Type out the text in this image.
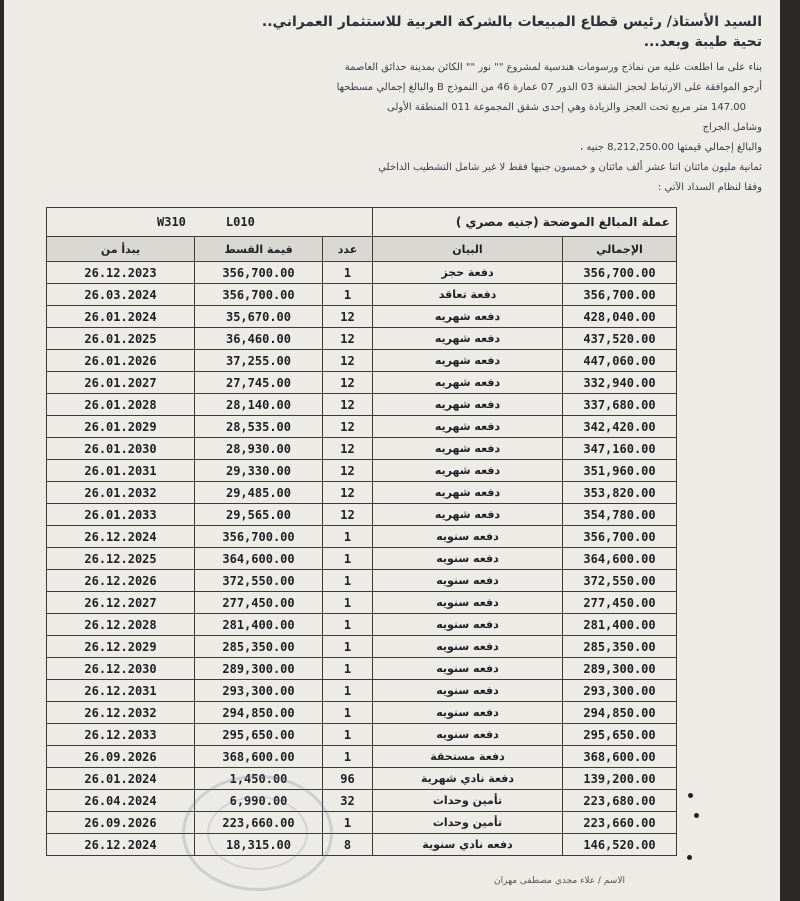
السيد الأستاذ/ رئيس قطاع المبيعات بالشركة العربية للاستثمار العمراني..
تحية طيبة وبعد...
بناء على ما اطلعت عليه من نماذج ورسومات هندسية لمشروع "" نور "" الكائن بمدينة حدائق العاصمة
أرجو الموافقة على الارتباط لحجز الشقة 03 الدور 07 عمارة 46 من النموذج B والبالغ إجمالي مسطحها
147.00 متر مربع تحت العجز والزيادة وهي إحدى شقق المجموعة 011 المنطقة الأولى
وشامل الجراج
والبالغ إجمالي قيمتها 8,212,250.00 جنيه ،
ثمانية مليون مائتان اثنا عشر ألف مائتان و خمسون جنيها فقط لا غير شامل التشطيب الداخلي
وفقا لنظام السداد الآتي :
W310 L010			عملة المبالغ الموضحة (جنيه مصري )	
يبدأ من	قيمة القسط	عدد	البيان	الإجمالي
26.12.2023	356,700.00	1	دفعة حجز	356,700.00
26.03.2024	356,700.00	1	دفعة تعاقد	356,700.00
26.01.2024	35,670.00	12	دفعه شهريه	428,040.00
26.01.2025	36,460.00	12	دفعه شهريه	437,520.00
26.01.2026	37,255.00	12	دفعه شهريه	447,060.00
26.01.2027	27,745.00	12	دفعه شهريه	332,940.00
26.01.2028	28,140.00	12	دفعه شهريه	337,680.00
26.01.2029	28,535.00	12	دفعه شهريه	342,420.00
26.01.2030	28,930.00	12	دفعه شهريه	347,160.00
26.01.2031	29,330.00	12	دفعه شهريه	351,960.00
26.01.2032	29,485.00	12	دفعه شهريه	353,820.00
26.01.2033	29,565.00	12	دفعه شهريه	354,780.00
26.12.2024	356,700.00	1	دفعه سنويه	356,700.00
26.12.2025	364,600.00	1	دفعه سنويه	364,600.00
26.12.2026	372,550.00	1	دفعه سنويه	372,550.00
26.12.2027	277,450.00	1	دفعه سنويه	277,450.00
26.12.2028	281,400.00	1	دفعه سنويه	281,400.00
26.12.2029	285,350.00	1	دفعه سنويه	285,350.00
26.12.2030	289,300.00	1	دفعه سنويه	289,300.00
26.12.2031	293,300.00	1	دفعه سنويه	293,300.00
26.12.2032	294,850.00	1	دفعه سنويه	294,850.00
26.12.2033	295,650.00	1	دفعه سنويه	295,650.00
26.09.2026	368,600.00	1	دفعة مستحقة	368,600.00
26.01.2024	1,450.00	96	دفعة نادي شهرية	139,200.00
26.04.2024	6,990.00	32	تأمين وحدات	223,680.00
26.09.2026	223,660.00	1	تأمين وحدات	223,660.00
26.12.2024	18,315.00	8	دفعه نادي سنوية	146,520.00
الاسم / علاء مجدي مصطفى مهران
